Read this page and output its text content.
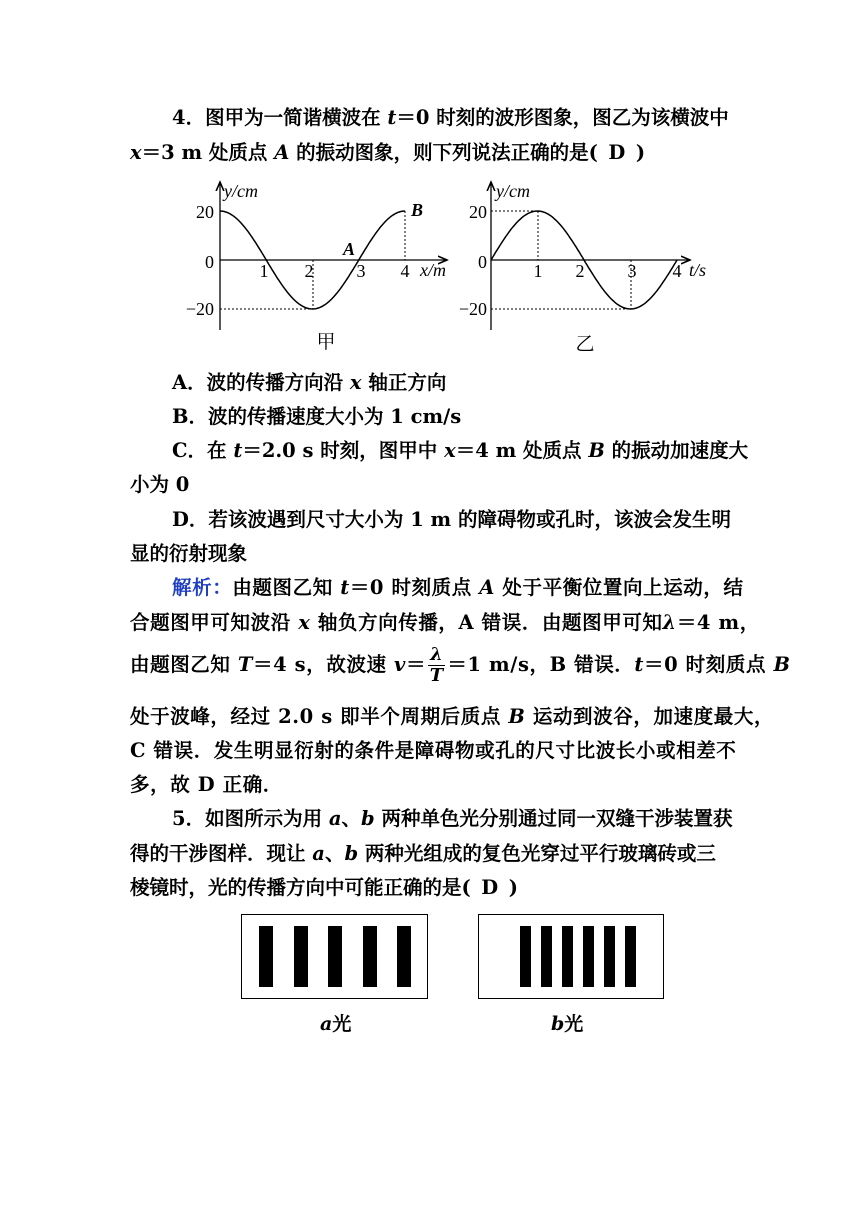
4．图甲为一简谐横波在 t＝0 时刻的波形图象，图乙为该横波中
x＝3 m 处质点 A 的振动图象，则下列说法正确的是( D )
y/cm
20
0
−20
1 2 3 4 x/m
A
B
甲
y/cm
20
0
−20
1 2 3 4 t/s
乙
A．波的传播方向沿 x 轴正方向
B．波的传播速度大小为 1 cm/s
C．在 t＝2.0 s 时刻，图甲中 x＝4 m 处质点 B 的振动加速度大
小为 0
D．若该波遇到尺寸大小为 1 m 的障碍物或孔时，该波会发生明
显的衍射现象
解析：由题图乙知 t＝0 时刻质点 A 处于平衡位置向上运动，结
合题图甲可知波沿 x 轴负方向传播，A 错误．由题图甲可知λ＝4 m，
由题图乙知 T＝4 s，故波速 $v= \frac{\lambda}{T} =1$ m/s，B 错误．t＝0 时刻质点 B
处于波峰，经过 2.0 s 即半个周期后质点 B 运动到波谷，加速度最大，
C 错误．发生明显衍射的条件是障碍物或孔的尺寸比波长小或相差不
多，故 D 正确．
5．如图所示为用 a、b 两种单色光分别通过同一双缝干涉装置获
得的干涉图样．现让 a、b 两种光组成的复色光穿过平行玻璃砖或三
棱镜时，光的传播方向中可能正确的是( D )
a光	b光
